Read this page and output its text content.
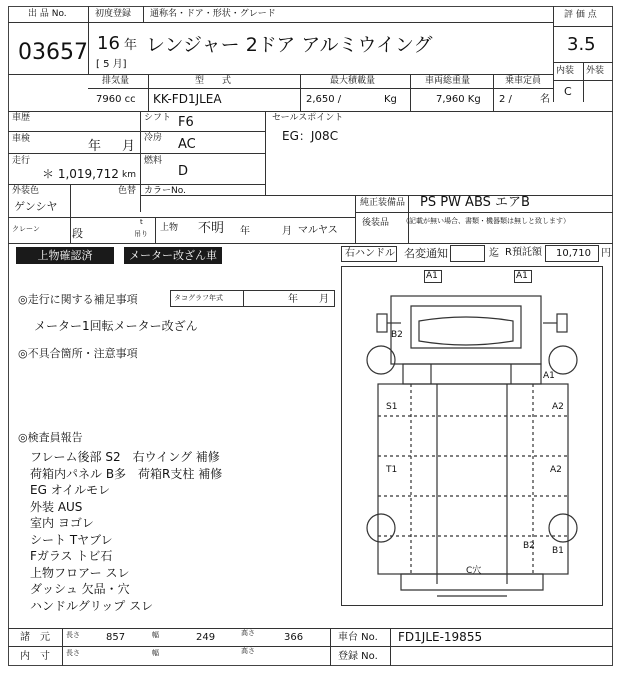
出 品 No.
03657
初度登録 通称名・ドア・形状・グレード
16 年
[ 5 月]
レンジャー 2ドア アルミウイング
評 価 点
3.5
内装 外装
C
排気量	型　　式	最大積載量	車両総重量	乗車定員
7960 cc KK-FD1JLEA	2,650 /	Kg	7,960 Kg 2 /	名
車歴	シフト F6	セールスポイント
EG：J08C
車検	年 月
冷房 AC
走行
＊ 1,019,712 km
燃料
D
外装色
ゲンシヤ
色替 カラーNo.
純正装備品 PS PW ABS エアB
後装品 （記載が無い場合、書類・機器類は無しと致します）
クレーン	段
t
吊り
上物 不明 年	月 マルヤス
上物確認済	メーター改ざん車	右ハンドル 名変通知	迄 R預託額 10,710 円
◎走行に関する補足事項	タコグラフ年式	年 月
メーター1回転メーター改ざん
◎不具合箇所・注意事項
◎検査員報告
フレーム後部 S2　右ウイング 補修
荷箱内パネル B多　荷箱R支柱 補修
EG オイルモレ
外装 AUS
室内 ヨゴレ
シート Tヤブレ
Fガラス トビ石
上物フロアー スレ
ダッシュ 欠品・穴
ハンドルグリップ スレ
A1	A1
B2
A1
S1	A2
T1	A2
B2 B1
C穴
諸　元 長さ	857	幅	249	高さ	366	車台 No. FD1JLE-19855
内　寸 長さ	幅	高さ	登録 No.
